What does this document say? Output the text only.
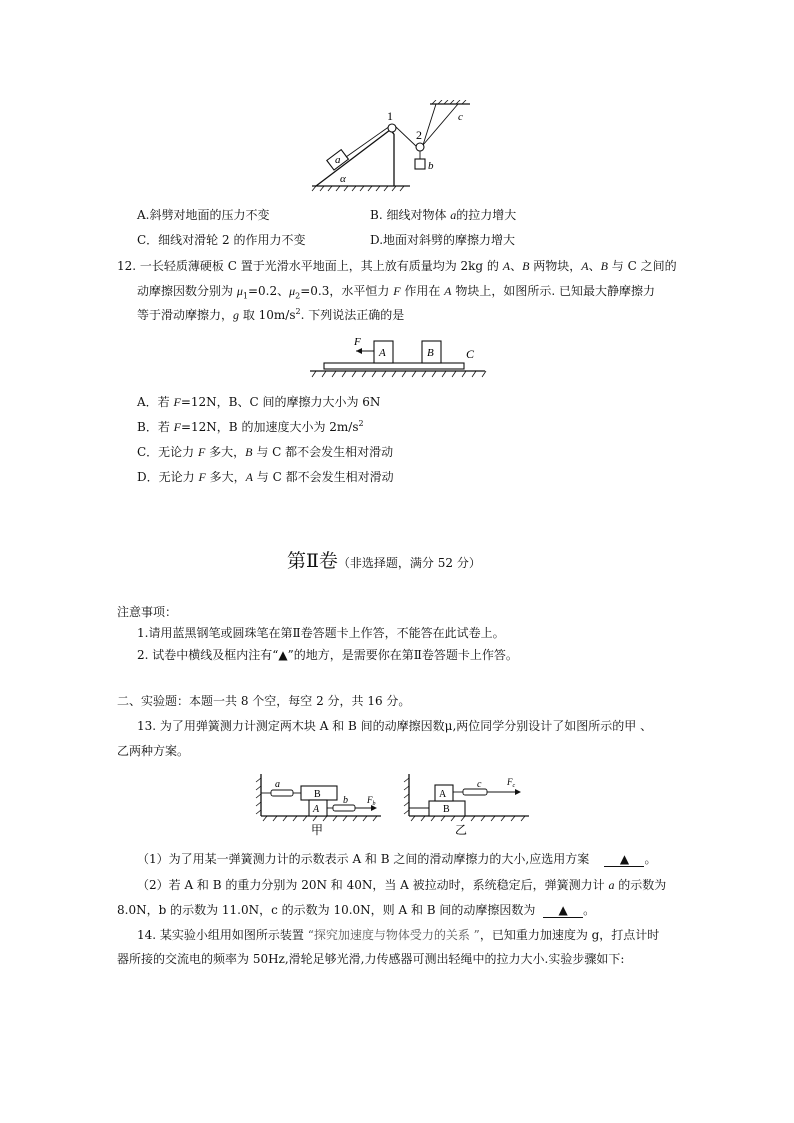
a
1
α
2
c
b
A.斜劈对地面的压力不变	B. 细线对物体 a的拉力增大
C．细线对滑轮 2 的作用力不变	D.地面对斜劈的摩擦力增大
12. 一长轻质薄硬板 C 置于光滑水平地面上，其上放有质量均为 2kg 的 A、B 两物块，A、B 与 C 之间的
动摩擦因数分别为 $\mu_1=0.2$、$\mu_2=0.3$，水平恒力 F 作用在 A 物块上，如图所示. 已知最大静摩擦力
等于滑动摩擦力，g 取 $10m/s^2$. 下列说法正确的是
A	B
F
C
A．若 F=12N，B、C 间的摩擦力大小为 6N
B．若 F=12N，B 的加速度大小为 $2m/s^2$
C．无论力 F 多大，B 与 C 都不会发生相对滑动
D．无论力 F 多大，A 与 C 都不会发生相对滑动
第Ⅱ卷（非选择题，满分 52 分）
注意事项：
1.请用蓝黑钢笔或圆珠笔在第Ⅱ卷答题卡上作答，不能答在此试卷上。
2. 试卷中横线及框内注有“▲”的地方，是需要你在第Ⅱ卷答题卡上作答。
二、实验题：本题一共 8 个空，每空 2 分，共 16 分。
13. 为了用弹簧测力计测定两木块 A 和 B 间的动摩擦因数μ,两位同学分别设计了如图所示的甲 、
乙两种方案。
B
A
a
b $F_b$
甲
B
A
c	$F_c$
乙
（1）为了用某一弹簧测力计的示数表示 A 和 B 之间的滑动摩擦力的大小,应选用方案	▲ 。
（2）若 A 和 B 的重力分别为 20N 和 40N，当 A 被拉动时，系统稳定后，弹簧测力计 a 的示数为
8.0N，b 的示数为 11.0N，c 的示数为 10.0N，则 A 和 B 间的动摩擦因数为 ▲ 。
14. 某实验小组用如图所示装置 “探究加速度与物体受力的关系 ”，已知重力加速度为 g，打点计时
器所接的交流电的频率为 50Hz,滑轮足够光滑,力传感器可测出轻绳中的拉力大小.实验步骤如下:
